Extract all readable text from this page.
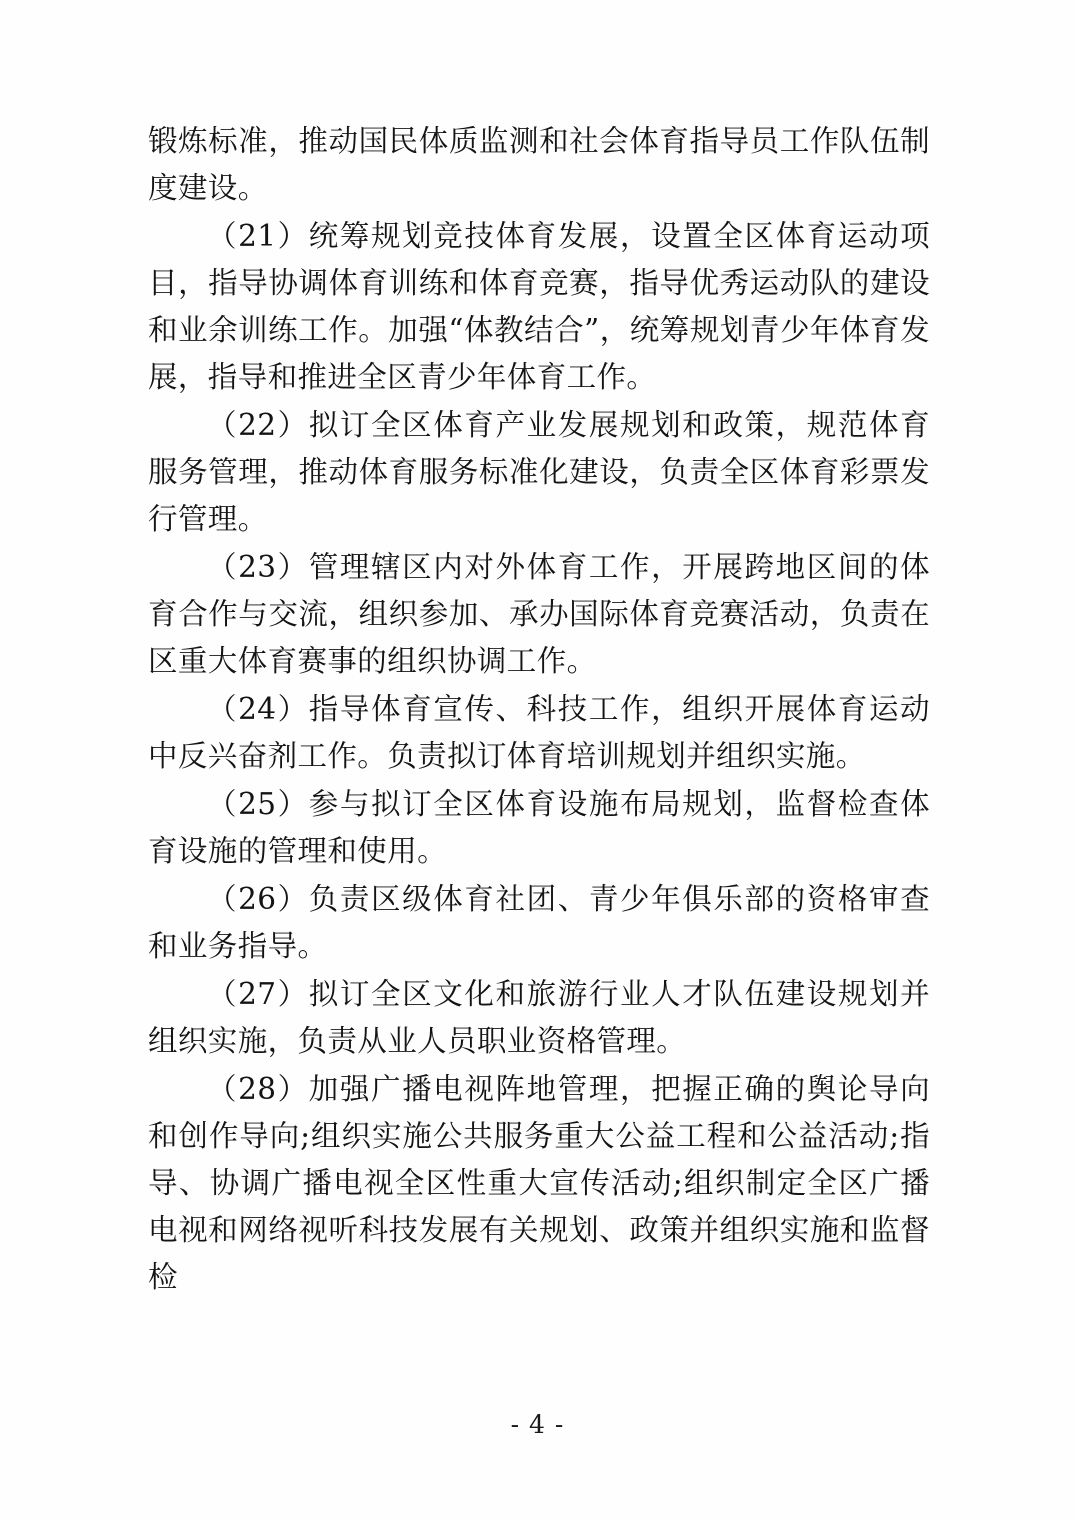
锻炼标准，推动国民体质监测和社会体育指导员工作队伍制度建设。

（21）统筹规划竞技体育发展，设置全区体育运动项目，指导协调体育训练和体育竞赛，指导优秀运动队的建设和业余训练工作。加强“体教结合”，统筹规划青少年体育发展，指导和推进全区青少年体育工作。

（22）拟订全区体育产业发展规划和政策，规范体育服务管理，推动体育服务标准化建设，负责全区体育彩票发行管理。

（23）管理辖区内对外体育工作，开展跨地区间的体育合作与交流，组织参加、承办国际体育竞赛活动，负责在区重大体育赛事的组织协调工作。

（24）指导体育宣传、科技工作，组织开展体育运动中反兴奋剂工作。负责拟订体育培训规划并组织实施。

（25）参与拟订全区体育设施布局规划，监督检查体育设施的管理和使用。

（26）负责区级体育社团、青少年俱乐部的资格审查和业务指导。

（27）拟订全区文化和旅游行业人才队伍建设规划并组织实施，负责从业人员职业资格管理。

（28）加强广播电视阵地管理，把握正确的舆论导向和创作导向;组织实施公共服务重大公益工程和公益活动;指导、协调广播电视全区性重大宣传活动;组织制定全区广播电视和网络视听科技发展有关规划、政策并组织实施和监督检

- 4 -
